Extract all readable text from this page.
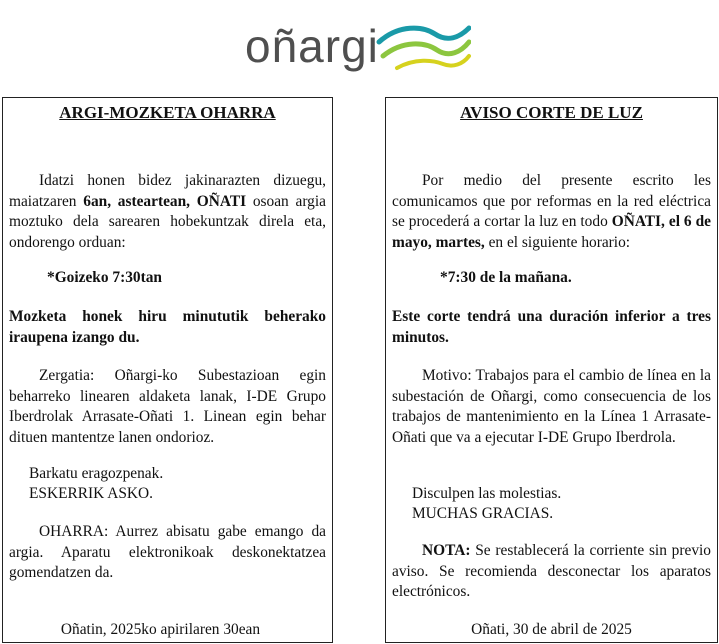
oñargi
ARGI-MOZKETA OHARRA

Idatzi honen bidez jakinarazten dizuegu, maiatzaren 6an, asteartean, OÑATI osoan argia moztuko dela sarearen hobekuntzak direla eta, ondorengo orduan:

*Goizeko 7:30tan

Mozketa honek hiru minututik beherako iraupena izango du.

Zergatia: Oñargi-ko Subestazioan egin beharreko linearen aldaketa lanak, I-DE Grupo Iberdrolak Arrasate-Oñati 1. Linean egin behar dituen mantentze lanen ondorioz.

Barkatu eragozpenak.

ESKERRIK ASKO.

OHARRA: Aurrez abisatu gabe emango da argia. Aparatu elektronikoak deskonektatzea gomendatzen da.

Oñatin, 2025ko apirilaren 30ean
AVISO CORTE DE LUZ

Por medio del presente escrito les comunicamos que por reformas en la red eléctrica se procederá a cortar la luz en todo OÑATI, el 6 de mayo, martes, en el siguiente horario:

*7:30 de la mañana.

Este corte tendrá una duración inferior a tres minutos.

Motivo: Trabajos para el cambio de línea en la subestación de Oñargi, como consecuencia de los trabajos de mantenimiento en la Línea 1 Arrasate-Oñati que va a ejecutar I-DE Grupo Iberdrola.

Disculpen las molestias.

MUCHAS GRACIAS.

NOTA: Se restablecerá la corriente sin previo aviso. Se recomienda desconectar los aparatos electrónicos.

Oñati, 30 de abril de 2025
